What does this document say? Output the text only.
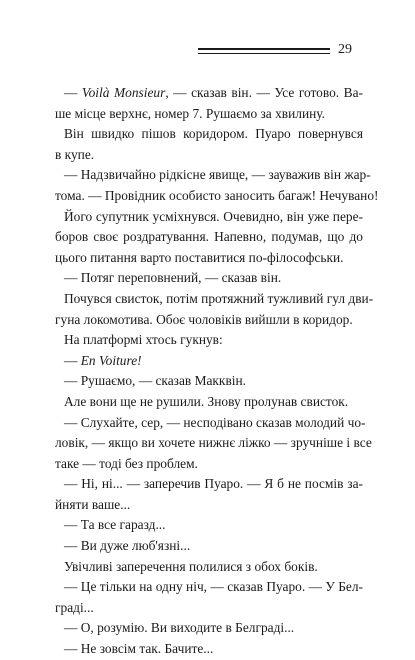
29
— Voilà Monsieur, — сказав він. — Усе готово. Ва-
ше місце верхнє, номер 7. Рушаємо за хвилину.
Він швидко пішов коридором. Пуаро повернувся
в купе.
— Надзвичайно рідкісне явище, — зауважив він жар-
тома. — Провідник особисто заносить багаж! Нечувано!
Його супутник усміхнувся. Очевидно, він уже пере-
боров своє роздратування. Напевно, подумав, що до
цього питання варто поставитися по-філософськи.
— Потяг переповнений, — сказав він.
Почувся свисток, потім протяжний тужливий гул дви-
гуна локомотива. Обоє чоловіків вийшли в коридор.
На платформі хтось гукнув:
— En Voiture!
— Рушаємо, — сказав Макквін.
Але вони ще не рушили. Знову пролунав свисток.
— Слухайте, сер, — несподівано сказав молодий чо-
ловік, — якщо ви хочете нижнє ліжко — зручніше і все
таке — тоді без проблем.
— Ні, ні... — заперечив Пуаро. — Я б не посмів за-
йняти ваше...
— Та все гаразд...
— Ви дуже люб'язні...
Увічливі заперечення полилися з обох боків.
— Це тільки на одну ніч, — сказав Пуаро. — У Бел-
граді...
— О, розумію. Ви виходите в Белграді...
— Не зовсім так. Бачите...
